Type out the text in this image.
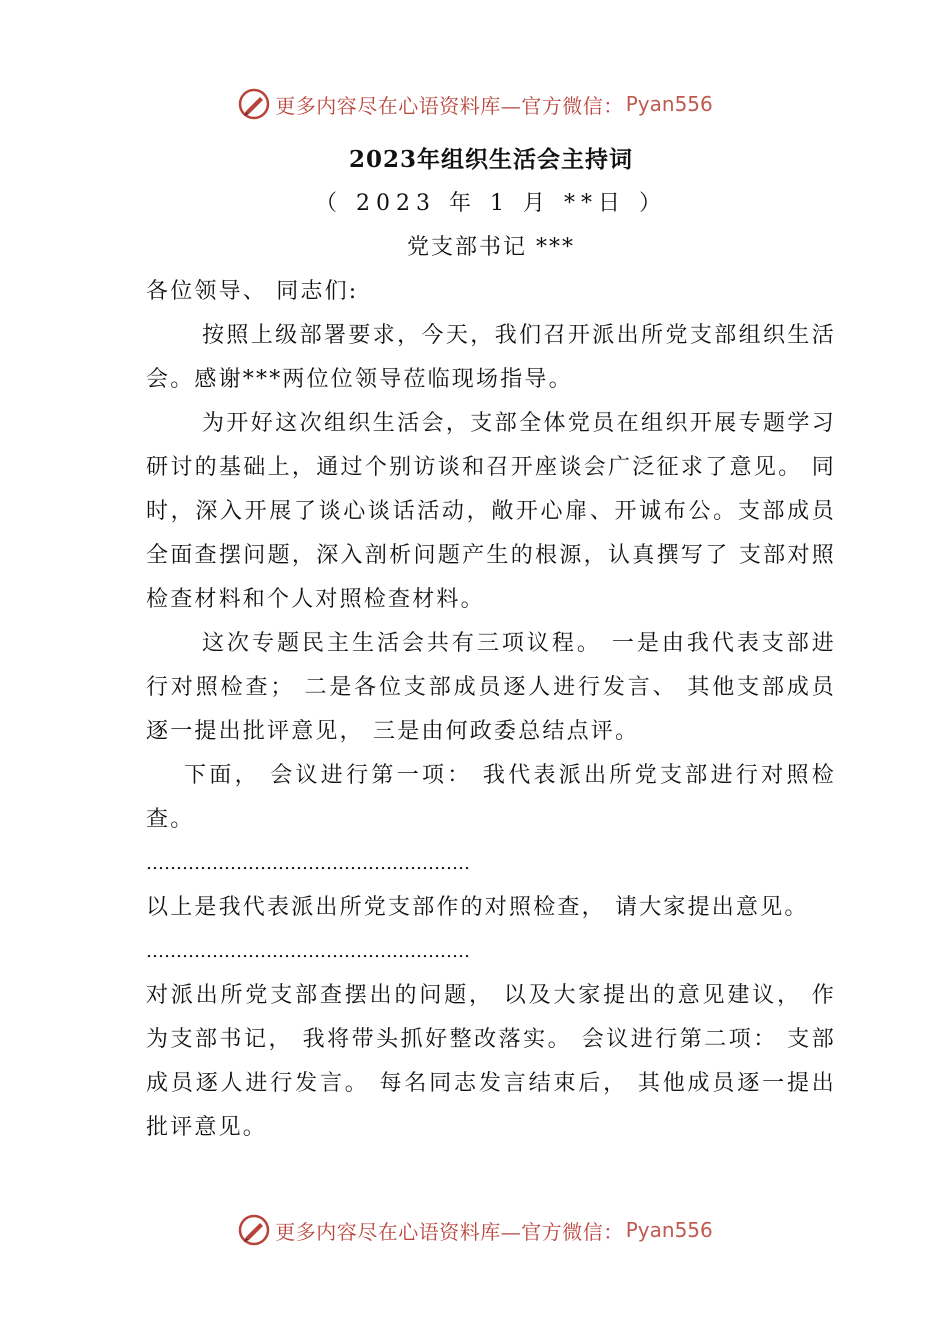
更多内容尽在心语资料库—官方微信： Pyan556
2023年组织生活会主持词
（ 2023 年 1 月 **日 ）
党支部书记 ***

各位领导、 同志们:

按照上级部署要求，今天，我们召开派出所党支部组织生活会。感谢***两位位领导莅临现场指导。

为开好这次组织生活会，支部全体党员在组织开展专题学习研讨的基础上，通过个别访谈和召开座谈会广泛征求了意见。 同时，深入开展了谈心谈话活动，敞开心扉、开诚布公。支部成员全面查摆问题，深入剖析问题产生的根源，认真撰写了 支部对照检查材料和个人对照检查材料。

这次专题民主生活会共有三项议程。 一是由我代表支部进行对照检查； 二是各位支部成员逐人进行发言、 其他支部成员逐一提出批评意见， 三是由何政委总结点评。

下面， 会议进行第一项： 我代表派出所党支部进行对照检查。

………………………………………………

以上是我代表派出所党支部作的对照检查， 请大家提出意见。

………………………………………………

对派出所党支部查摆出的问题， 以及大家提出的意见建议， 作为支部书记， 我将带头抓好整改落实。 会议进行第二项： 支部成员逐人进行发言。 每名同志发言结束后， 其他成员逐一提出批评意见。

更多内容尽在心语资料库—官方微信： Pyan556
